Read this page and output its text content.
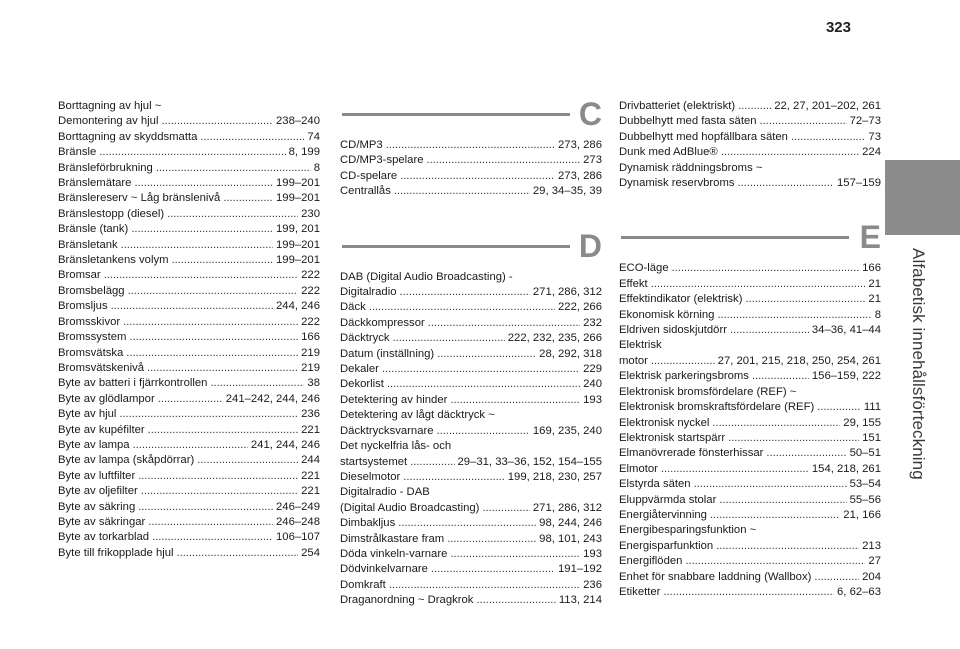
323
Alfabetisk innehållsförteckning
Borttagning av hjul ~
Demontering av hjul . . .	238–240
Borttagning av skyddsmatta . . .	74
Bränsle . . .	8, 199
Bränsleförbrukning . . .	8
Bränslemätare . . .	199–201
Bränslereserv ~ Låg bränslenivå . . .	199–201
Bränslestopp (diesel) . . .	230
Bränsle (tank) . . .	199, 201
Bränsletank . . .	199–201
Bränsletankens volym . . .	199–201
Bromsar . . .	222
Bromsbelägg . . .	222
Bromsljus . . .	244, 246
Bromsskivor . . .	222
Bromssystem . . .	166
Bromsvätska . . .	219
Bromsvätskenivå . . .	219
Byte av batteri i fjärrkontrollen . . .	38
Byte av glödlampor . . .	241–242, 244, 246
Byte av hjul . . .	236
Byte av kupéfilter . . .	221
Byte av lampa . . .	241, 244, 246
Byte av lampa (skåpdörrar) . . .	244
Byte av luftfilter . . .	221
Byte av oljefilter . . .	221
Byte av säkring . . .	246–249
Byte av säkringar . . .	246–248
Byte av torkarblad . . .	106–107
Byte till frikopplade hjul . . .	254
C
CD/MP3 . . .	273, 286
CD/MP3-spelare . . .	273
CD-spelare . . .	273, 286
Centrallås . . .	29, 34–35, 39
D
DAB (Digital Audio Broadcasting) -
Digitalradio . . .	271, 286, 312
Däck . . .	222, 266
Däckkompressor . . .	232
Däcktryck . . .	222, 232, 235, 266
Datum (inställning) . . .	28, 292, 318
Dekaler . . .	229
Dekorlist . . .	240
Detektering av hinder . . .	193
Detektering av lågt däcktryck ~
Däcktrycksvarnare . . .	169, 235, 240
Det nyckelfria lås- och
startsystemet . . .	29–31, 33–36, 152, 154–155
Dieselmotor . . .	199, 218, 230, 257
Digitalradio - DAB
(Digital Audio Broadcasting) . . .	271, 286, 312
Dimbakljus . . .	98, 244, 246
Dimstrålkastare fram . . .	98, 101, 243
Döda vinkeln-varnare . . .	193
Dödvinkelvarnare . . .	191–192
Domkraft . . .	236
Draganordning ~ Dragkrok . . .	113, 214
Drivbatteriet (elektriskt) . . .	22, 27, 201–202, 261
Dubbelhytt med fasta säten . . .	72–73
Dubbelhytt med hopfällbara säten . . .	73
Dunk med AdBlue® . . .	224
Dynamisk räddningsbroms ~
Dynamisk reservbroms . . .	157–159
E
ECO-läge . . .	166
Effekt . . .	21
Effektindikator (elektrisk) . . .	21
Ekonomisk körning . . .	8
Eldriven sidoskjutdörr . . .	34–36, 41–44
Elektrisk
motor . . .	27, 201, 215, 218, 250, 254, 261
Elektrisk parkeringsbroms . . .	156–159, 222
Elektronisk bromsfördelare (REF) ~
Elektronisk bromskraftsfördelare (REF) . . .	111
Elektronisk nyckel . . .	29, 155
Elektronisk startspärr . . .	151
Elmanövrerade fönsterhissar . . .	50–51
Elmotor . . .	154, 218, 261
Elstyrda säten . . .	53–54
Eluppvärmda stolar . . .	55–56
Energiåtervinning . . .	21, 166
Energibesparingsfunktion ~
Energisparfunktion . . .	213
Energiflöden . . .	27
Enhet för snabbare laddning (Wallbox) . . .	204
Etiketter . . .	6, 62–63
